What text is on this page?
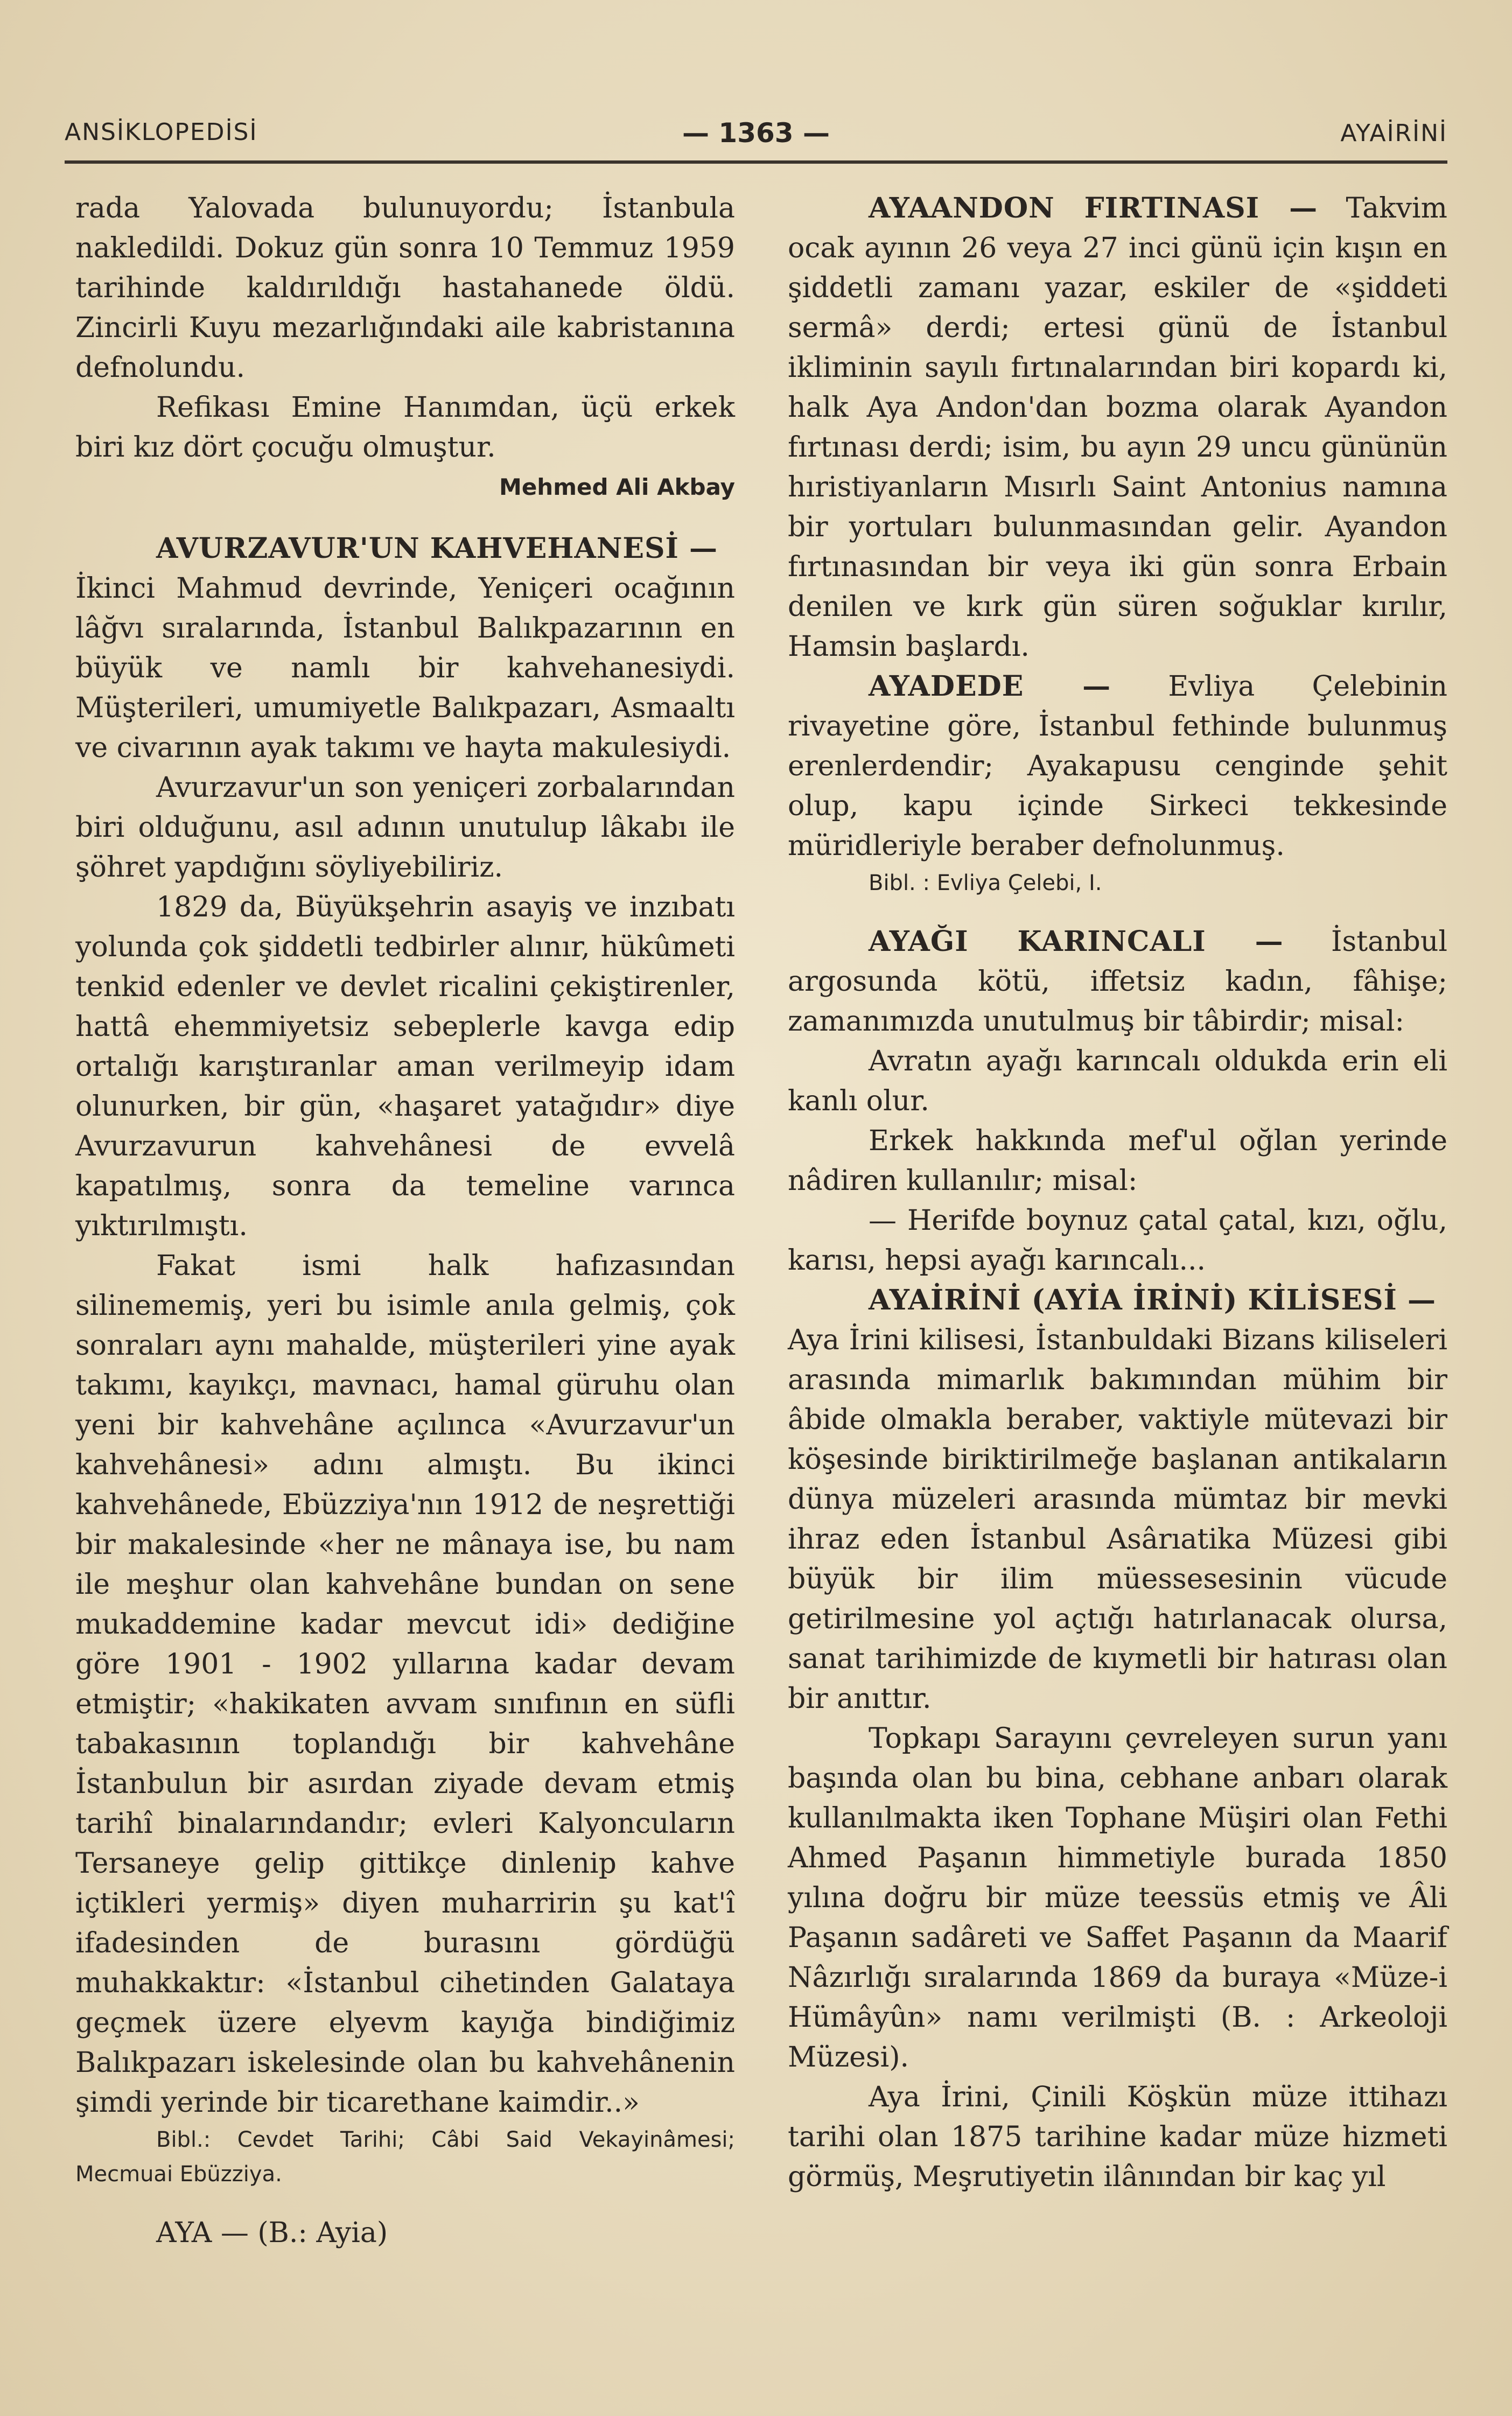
ANSİKLOPEDİSİ	— 1363 —	AYAİRİNİ

rada Yalovada bulunuyordu; İstanbula nakledildi. Dokuz gün sonra 10 Temmuz 1959 tarihinde kaldırıldığı hastahanede öldü. Zincirli Kuyu mezarlığındaki aile kabristanına defnolundu.

Refikası Emine Hanımdan, üçü erkek biri kız dört çocuğu olmuştur.

Mehmed Ali Akbay

AVURZAVUR'UN KAHVEHANESİ —

İkinci Mahmud devrinde, Yeniçeri ocağının lâğvı sıralarında, İstanbul Balıkpazarının en büyük ve namlı bir kahvehanesiydi. Müşterileri, umumiyetle Balıkpazarı, Asmaaltı ve civarının ayak takımı ve hayta makulesiydi.

Avurzavur'un son yeniçeri zorbalarından biri olduğunu, asıl adının unutulup lâkabı ile şöhret yapdığını söyliyebiliriz.

1829 da, Büyükşehrin asayiş ve inzıbatı yolunda çok şiddetli tedbirler alınır, hükûmeti tenkid edenler ve devlet ricalini çekiştirenler, hattâ ehemmiyetsiz sebeplerle kavga edip ortalığı karıştıranlar aman verilmeyip idam olunurken, bir gün, «haşaret yatağıdır» diye Avurzavurun kahvehânesi de evvelâ kapatılmış, sonra da temeline varınca yıktırılmıştı.

Fakat ismi halk hafızasından silinememiş, yeri bu isimle anıla gelmiş, çok sonraları aynı mahalde, müşterileri yine ayak takımı, kayıkçı, mavnacı, hamal güruhu olan yeni bir kahvehâne açılınca «Avurzavur'un kahvehânesi» adını almıştı. Bu ikinci kahvehânede, Ebüzziya'nın 1912 de neşrettiği bir makalesinde «her ne mânaya ise, bu nam ile meşhur olan kahvehâne bundan on sene mukaddemine kadar mevcut idi» dediğine göre 1901 - 1902 yıllarına kadar devam etmiştir; «hakikaten avvam sınıfının en süfli tabakasının toplandığı bir kahvehâne İstanbulun bir asırdan ziyade devam etmiş tarihî binalarındandır; evleri Kalyoncuların Tersaneye gelip gittikçe dinlenip kahve içtikleri yermiş» diyen muharririn şu kat'î ifadesinden de burasını gördüğü muhakkaktır: «İstanbul cihetinden Galataya geçmek üzere elyevm kayığa bindiğimiz Balıkpazarı iskelesinde olan bu kahvehânenin şimdi yerinde bir ticarethane kaimdir..»

Bibl.: Cevdet Tarihi; Câbi Said Vekayinâmesi; Mecmuai Ebüzziya.

AYA — (B.: Ayia)

AYAANDON FIRTINASI — Takvim ocak ayının 26 veya 27 inci günü için kışın en şiddetli zamanı yazar, eskiler de «şiddeti sermâ» derdi; ertesi günü de İstanbul ikliminin sayılı fırtınalarından biri kopardı ki, halk Aya Andon'dan bozma olarak Ayandon fırtınası derdi; isim, bu ayın 29 uncu gününün hıristiyanların Mısırlı Saint Antonius namına bir yortuları bulunmasından gelir. Ayandon fırtınasından bir veya iki gün sonra Erbain denilen ve kırk gün süren soğuklar kırılır, Hamsin başlardı.

AYADEDE — Evliya Çelebinin rivayetine göre, İstanbul fethinde bulunmuş erenlerdendir; Ayakapusu cenginde şehit olup, kapu içinde Sirkeci tekkesinde müridleriyle beraber defnolunmuş.

Bibl. : Evliya Çelebi, I.

AYAĞI KARINCALI — İstanbul argosunda kötü, iffetsiz kadın, fâhişe; zamanımızda unutulmuş bir tâbirdir; misal:

Avratın ayağı karıncalı oldukda erin eli kanlı olur.

Erkek hakkında mef'ul oğlan yerinde nâdiren kullanılır; misal:

— Herifde boynuz çatal çatal, kızı, oğlu, karısı, hepsi ayağı karıncalı...

AYAİRİNİ (AYİA İRİNİ) KİLİSESİ —

Aya İrini kilisesi, İstanbuldaki Bizans kiliseleri arasında mimarlık bakımından mühim bir âbide olmakla beraber, vaktiyle mütevazi bir köşesinde biriktirilmeğe başlanan antikaların dünya müzeleri arasında mümtaz bir mevki ihraz eden İstanbul Asârıatika Müzesi gibi büyük bir ilim müessesesinin vücude getirilmesine yol açtığı hatırlanacak olursa, sanat tarihimizde de kıymetli bir hatırası olan bir anıttır.

Topkapı Sarayını çevreleyen surun yanı başında olan bu bina, cebhane anbarı olarak kullanılmakta iken Tophane Müşiri olan Fethi Ahmed Paşanın himmetiyle burada 1850 yılına doğru bir müze teessüs etmiş ve Âli Paşanın sadâreti ve Saffet Paşanın da Maarif Nâzırlığı sıralarında 1869 da buraya «Müze-i Hümâyûn» namı verilmişti (B. : Arkeoloji Müzesi).

Aya İrini, Çinili Köşkün müze ittihazı tarihi olan 1875 tarihine kadar müze hizmeti görmüş, Meşrutiyetin ilânından bir kaç yıl
